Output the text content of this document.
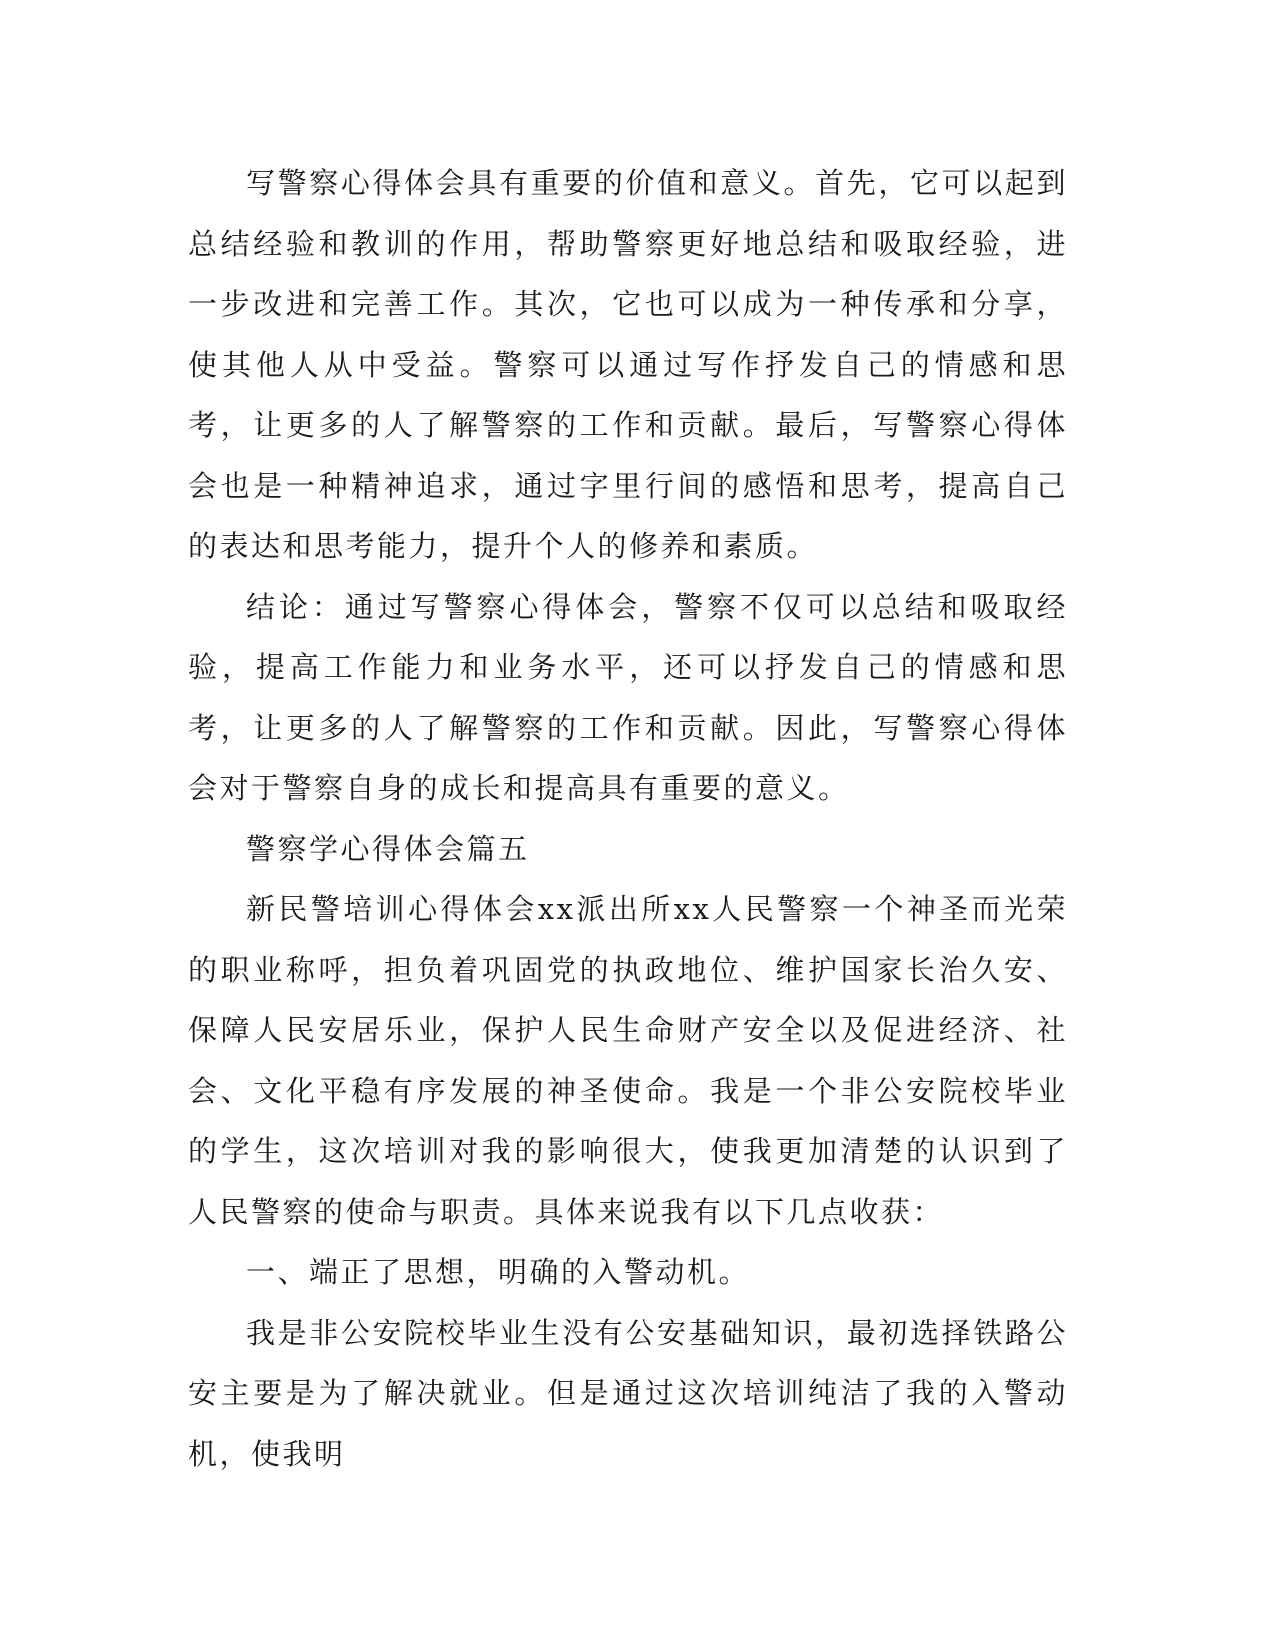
写警察心得体会具有重要的价值和意义。首先，它可以起到总结经验和教训的作用，帮助警察更好地总结和吸取经验，进一步改进和完善工作。其次，它也可以成为一种传承和分享，使其他人从中受益。警察可以通过写作抒发自己的情感和思考，让更多的人了解警察的工作和贡献。最后，写警察心得体会也是一种精神追求，通过字里行间的感悟和思考，提高自己的表达和思考能力，提升个人的修养和素质。

结论：通过写警察心得体会，警察不仅可以总结和吸取经验，提高工作能力和业务水平，还可以抒发自己的情感和思考，让更多的人了解警察的工作和贡献。因此，写警察心得体会对于警察自身的成长和提高具有重要的意义。

警察学心得体会篇五

新民警培训心得体会xx派出所xx人民警察一个神圣而光荣的职业称呼，担负着巩固党的执政地位、维护国家长治久安、保障人民安居乐业，保护人民生命财产安全以及促进经济、社会、文化平稳有序发展的神圣使命。我是一个非公安院校毕业的学生，这次培训对我的影响很大，使我更加清楚的认识到了人民警察的使命与职责。具体来说我有以下几点收获：

一、端正了思想，明确的入警动机。

我是非公安院校毕业生没有公安基础知识，最初选择铁路公安主要是为了解决就业。但是通过这次培训纯洁了我的入警动机，使我明
